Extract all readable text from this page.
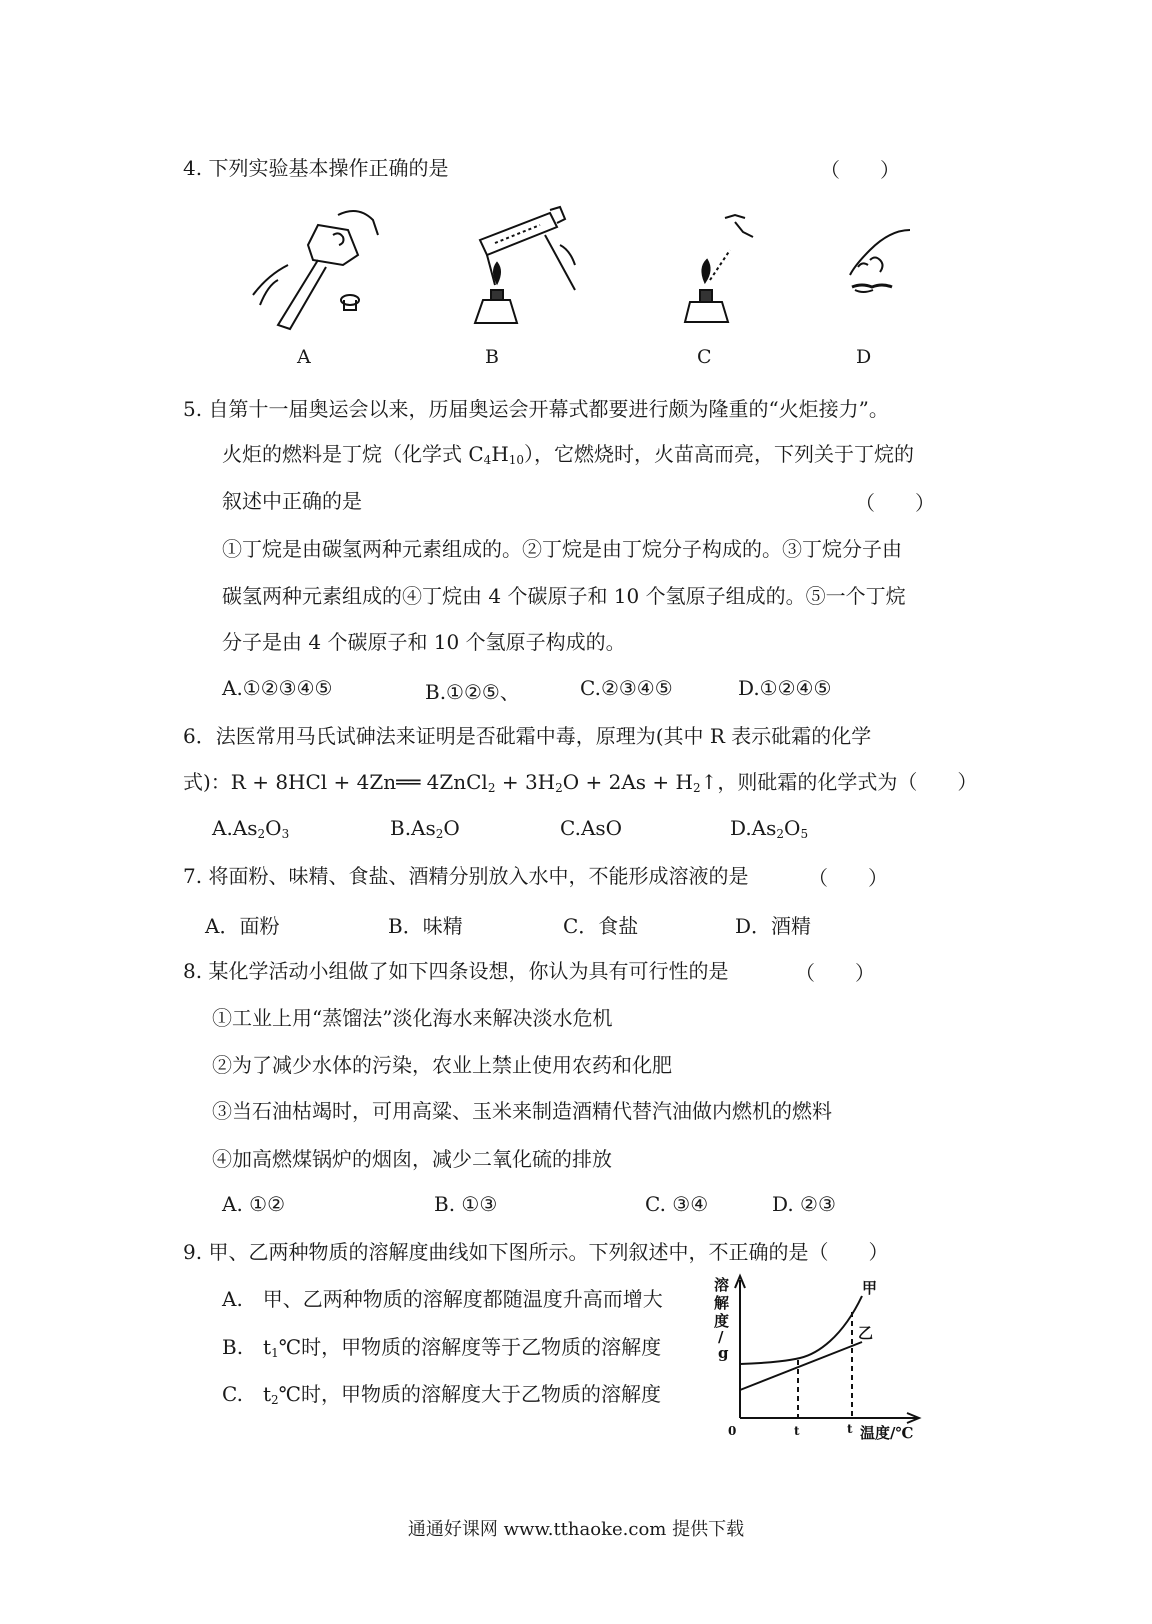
4. 下列实验基本操作正确的是	（　　）
A	B	C	D
5. 自第十一届奥运会以来，历届奥运会开幕式都要进行颇为隆重的“火炬接力”。
火炬的燃料是丁烷（化学式 $C_4H_{10}$），它燃烧时，火苗高而亮，下列关于丁烷的
叙述中正确的是	（　　）
①丁烷是由碳氢两种元素组成的。②丁烷是由丁烷分子构成的。③丁烷分子由
碳氢两种元素组成的④丁烷由 4 个碳原子和 10 个氢原子组成的。⑤一个丁烷
分子是由 4 个碳原子和 10 个氢原子构成的。
A.①②③④⑤	B.①②⑤、	C.②③④⑤	D.①②④⑤
6．法医常用马氏试砷法来证明是否砒霜中毒，原理为(其中 R 表示砒霜的化学
式)：R + 8HCl + 4Zn══ 4ZnCl$_2$ + $3H_2O + 2As$ + $H_2↑$，则砒霜的化学式为（　　）
$A.As_2O_3$	$B.As_2O$	C.AsO	$D.As_2O_5$
7. 将面粉、味精、食盐、酒精分别放入水中，不能形成溶液的是	（　　）
A．面粉	B．味精	C．食盐	D．酒精
8. 某化学活动小组做了如下四条设想，你认为具有可行性的是	（　　）
①工业上用“蒸馏法”淡化海水来解决淡水危机
②为了减少水体的污染，农业上禁止使用农药和化肥
③当石油枯竭时，可用高粱、玉米来制造酒精代替汽油做内燃机的燃料
④加高燃煤锅炉的烟囱，减少二氧化硫的排放
A. ①②	B. ①③	C. ③④	D. ②③
9. 甲、乙两种物质的溶解度曲线如下图所示。下列叙述中，不正确的是（　　）
A.　甲、乙两种物质的溶解度都随温度升高而增大
B.　$t_1℃$时，甲物质的溶解度等于乙物质的溶解度
C.　$t_2℃$时，甲物质的溶解度大于乙物质的溶解度
溶
解
度
/
g
0	t	t 温度/℃
甲
乙
通通好课网 www.tthaoke.com 提供下载
